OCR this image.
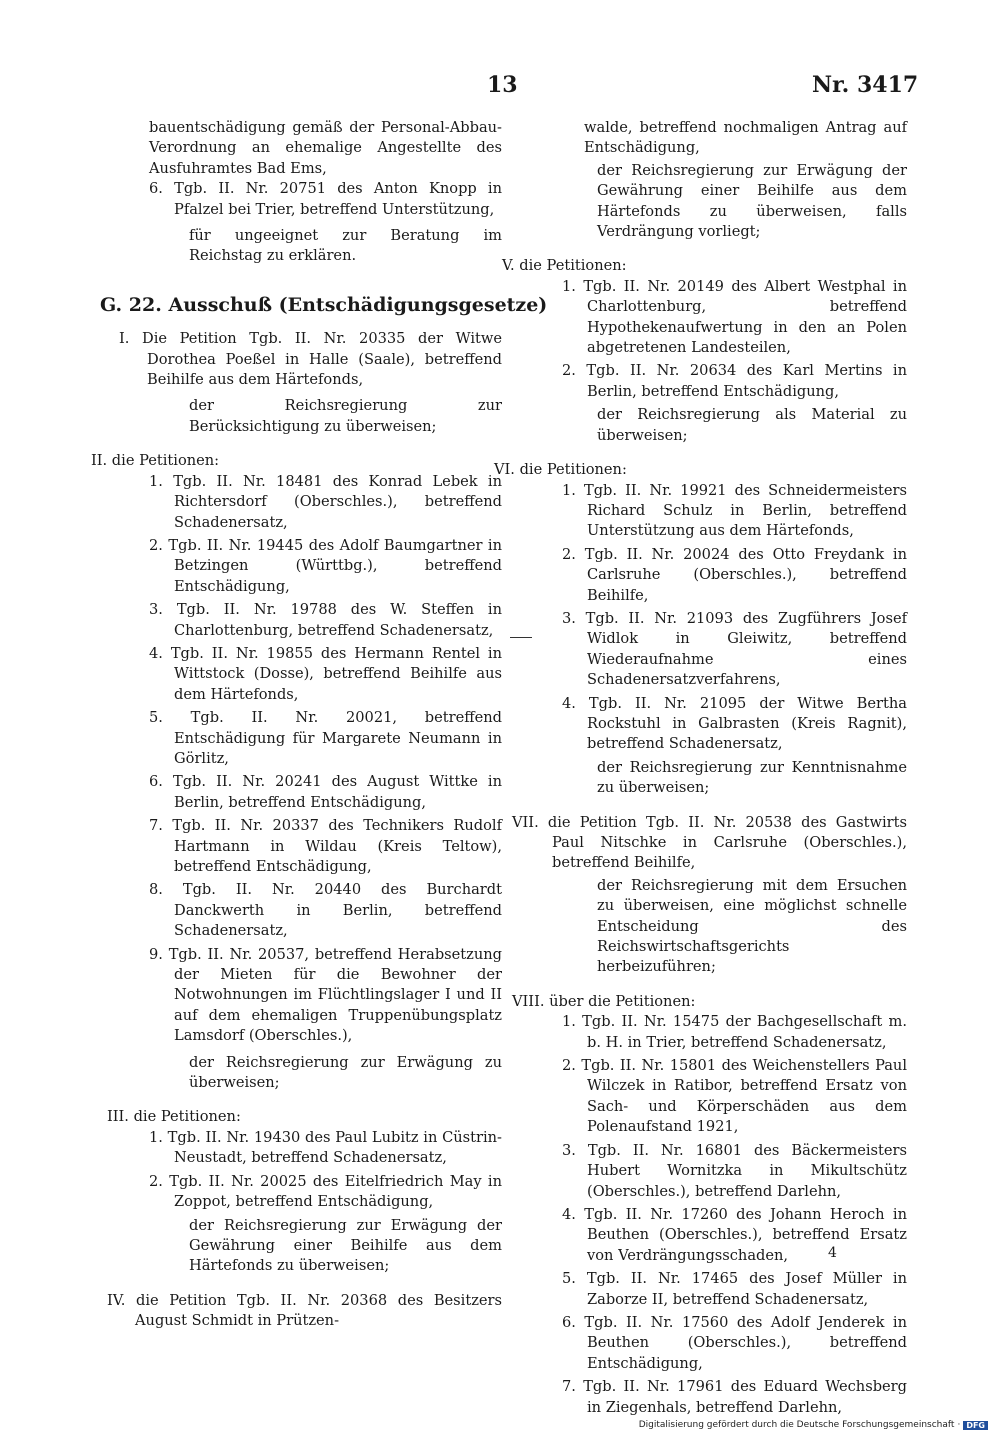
13	Nr. 3417

bauentschädigung gemäß der Personal-Abbau-Verordnung an ehemalige Angestellte des Ausfuhramtes Bad Ems,

6. Tgb. II. Nr. 20751 des Anton Knopp in Pfalzel bei Trier, betreffend Unterstützung,

für ungeeignet zur Beratung im Reichstag zu erklären.

G. 22. Ausschuß (Entschädigungsgesetze)

I. Die Petition Tgb. II. Nr. 20335 der Witwe Dorothea Poeßel in Halle (Saale), betreffend Beihilfe aus dem Härtefonds,

der Reichsregierung zur Berücksichtigung zu überweisen;

II. die Petitionen:

1. Tgb. II. Nr. 18481 des Konrad Lebek in Richtersdorf (Oberschles.), betreffend Schadenersatz,

2. Tgb. II. Nr. 19445 des Adolf Baumgartner in Betzingen (Württbg.), betreffend Entschädigung,

3. Tgb. II. Nr. 19788 des W. Steffen in Charlottenburg, betreffend Schadenersatz,

4. Tgb. II. Nr. 19855 des Hermann Rentel in Wittstock (Dosse), betreffend Beihilfe aus dem Härtefonds,

5. Tgb. II. Nr. 20021, betreffend Entschädigung für Margarete Neumann in Görlitz,

6. Tgb. II. Nr. 20241 des August Wittke in Berlin, betreffend Entschädigung,

7. Tgb. II. Nr. 20337 des Technikers Rudolf Hartmann in Wildau (Kreis Teltow), betreffend Entschädigung,

8. Tgb. II. Nr. 20440 des Burchardt Danckwerth in Berlin, betreffend Schadenersatz,

9. Tgb. II. Nr. 20537, betreffend Herabsetzung der Mieten für die Bewohner der Notwohnungen im Flüchtlingslager I und II auf dem ehemaligen Truppenübungsplatz Lamsdorf (Oberschles.),

der Reichsregierung zur Erwägung zu überweisen;

III. die Petitionen:

1. Tgb. II. Nr. 19430 des Paul Lubitz in Cüstrin-Neustadt, betreffend Schadenersatz,

2. Tgb. II. Nr. 20025 des Eitelfriedrich May in Zoppot, betreffend Entschädigung,

der Reichsregierung zur Erwägung der Gewährung einer Beihilfe aus dem Härtefonds zu überweisen;

IV. die Petition Tgb. II. Nr. 20368 des Besitzers August Schmidt in Prützen-

walde, betreffend nochmaligen Antrag auf Entschädigung,

der Reichsregierung zur Erwägung der Gewährung einer Beihilfe aus dem Härtefonds zu überweisen, falls Verdrängung vorliegt;

V. die Petitionen:

1. Tgb. II. Nr. 20149 des Albert Westphal in Charlottenburg, betreffend Hypothekenaufwertung in den an Polen abgetretenen Landesteilen,

2. Tgb. II. Nr. 20634 des Karl Mertins in Berlin, betreffend Entschädigung,

der Reichsregierung als Material zu überweisen;

VI. die Petitionen:

1. Tgb. II. Nr. 19921 des Schneidermeisters Richard Schulz in Berlin, betreffend Unterstützung aus dem Härtefonds,

2. Tgb. II. Nr. 20024 des Otto Freydank in Carlsruhe (Oberschles.), betreffend Beihilfe,

3. Tgb. II. Nr. 21093 des Zugführers Josef Widlok in Gleiwitz, betreffend Wiederaufnahme eines Schadenersatzverfahrens,

4. Tgb. II. Nr. 21095 der Witwe Bertha Rockstuhl in Galbrasten (Kreis Ragnit), betreffend Schadenersatz,

der Reichsregierung zur Kenntnisnahme zu überweisen;

VII. die Petition Tgb. II. Nr. 20538 des Gastwirts Paul Nitschke in Carlsruhe (Oberschles.), betreffend Beihilfe,

der Reichsregierung mit dem Ersuchen zu überweisen, eine möglichst schnelle Entscheidung des Reichswirtschaftsgerichts herbeizuführen;

VIII. über die Petitionen:

1. Tgb. II. Nr. 15475 der Bachgesellschaft m. b. H. in Trier, betreffend Schadenersatz,

2. Tgb. II. Nr. 15801 des Weichenstellers Paul Wilczek in Ratibor, betreffend Ersatz von Sach- und Körperschäden aus dem Polenaufstand 1921,

3. Tgb. II. Nr. 16801 des Bäckermeisters Hubert Wornitzka in Mikultschütz (Oberschles.), betreffend Darlehn,

4. Tgb. II. Nr. 17260 des Johann Heroch in Beuthen (Oberschles.), betreffend Ersatz von Verdrängungsschaden,

5. Tgb. II. Nr. 17465 des Josef Müller in Zaborze II, betreffend Schadenersatz,

6. Tgb. II. Nr. 17560 des Adolf Jenderek in Beuthen (Oberschles.), betreffend Entschädigung,

7. Tgb. II. Nr. 17961 des Eduard Wechsberg in Ziegenhals, betreffend Darlehn,

4
Digitalisierung gefördert durch die Deutsche Forschungsgemeinschaft · DFG
